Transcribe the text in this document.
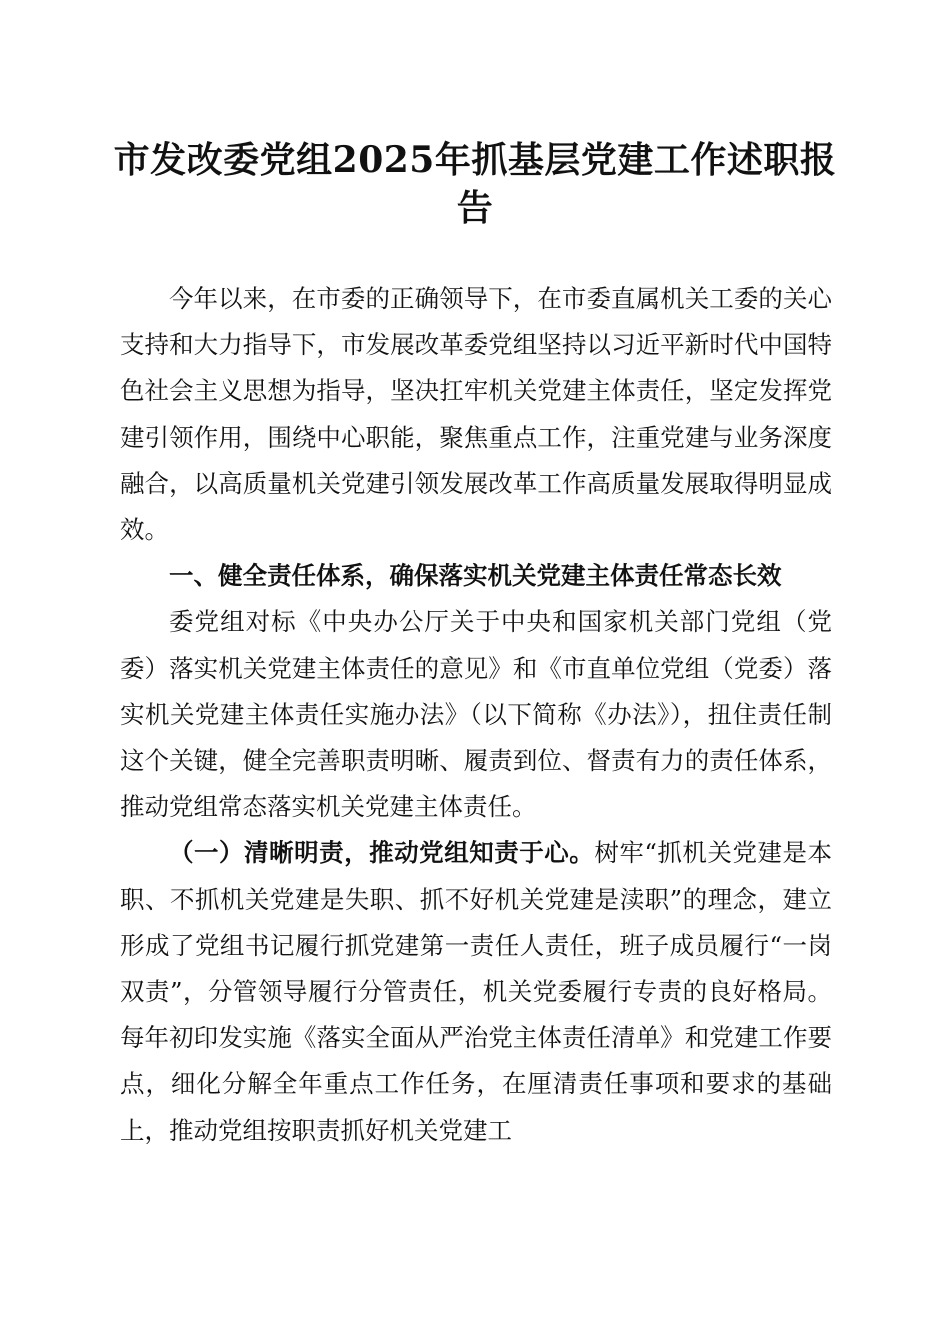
市发改委党组2025年抓基层党建工作述职报告

今年以来，在市委的正确领导下，在市委直属机关工委的关心支持和大力指导下，市发展改革委党组坚持以习近平新时代中国特色社会主义思想为指导，坚决扛牢机关党建主体责任，坚定发挥党建引领作用，围绕中心职能，聚焦重点工作，注重党建与业务深度融合，以高质量机关党建引领发展改革工作高质量发展取得明显成效。

一、健全责任体系，确保落实机关党建主体责任常态长效

委党组对标《中央办公厅关于中央和国家机关部门党组（党委）落实机关党建主体责任的意见》和《市直单位党组（党委）落实机关党建主体责任实施办法》（以下简称《办法》），扭住责任制这个关键，健全完善职责明晰、履责到位、督责有力的责任体系，推动党组常态落实机关党建主体责任。

（一）清晰明责，推动党组知责于心。树牢“抓机关党建是本职、不抓机关党建是失职、抓不好机关党建是渎职”的理念，建立形成了党组书记履行抓党建第一责任人责任，班子成员履行“一岗双责”，分管领导履行分管责任，机关党委履行专责的良好格局。每年初印发实施《落实全面从严治党主体责任清单》和党建工作要点，细化分解全年重点工作任务，在厘清责任事项和要求的基础上，推动党组按职责抓好机关党建工
